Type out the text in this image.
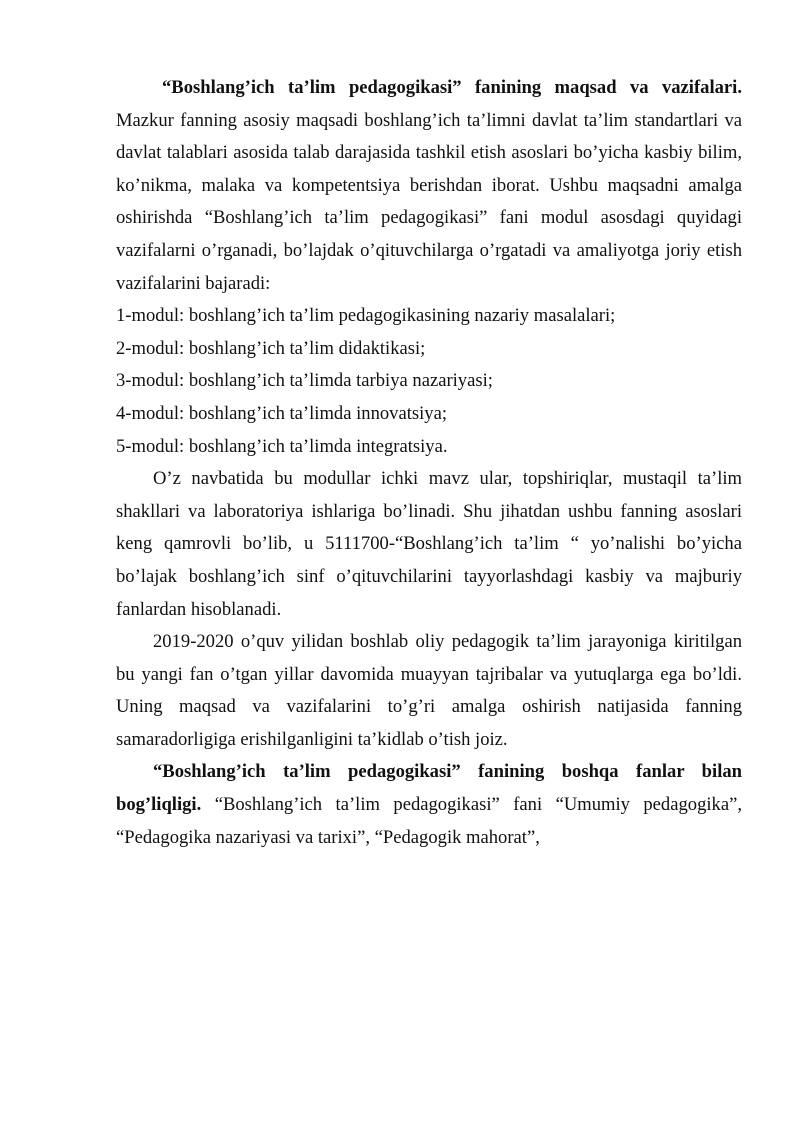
“Boshlang’ich ta’lim pedagogikasi” fanining maqsad va vazifalari. Mazkur fanning asosiy maqsadi boshlang’ich ta’limni davlat ta’lim standartlari va davlat talablari asosida talab darajasida tashkil etish asoslari bo’yicha kasbiy bilim, ko’nikma, malaka va kompetentsiya berishdan iborat. Ushbu maqsadni amalga oshirishda “Boshlang’ich ta’lim pedagogikasi” fani modul asosdagi quyidagi vazifalarni o’rganadi, bo’lajdak o’qituvchilarga o’rgatadi va amaliyotga joriy etish vazifalarini bajaradi:

1-modul: boshlang’ich ta’lim pedagogikasining nazariy masalalari;

2-modul: boshlang’ich ta’lim didaktikasi;

3-modul: boshlang’ich ta’limda tarbiya nazariyasi;

4-modul: boshlang’ich ta’limda innovatsiya;

5-modul: boshlang’ich ta’limda integratsiya.

O’z navbatida bu modullar ichki mavz ular, topshiriqlar, mustaqil ta’lim shakllari va laboratoriya ishlariga bo’linadi. Shu jihatdan ushbu fanning asoslari keng qamrovli bo’lib, u 5111700-“Boshlang’ich ta’lim “ yo’nalishi bo’yicha bo’lajak boshlang’ich sinf o’qituvchilarini tayyorlashdagi kasbiy va majburiy fanlardan hisoblanadi.

2019-2020 o’quv yilidan boshlab oliy pedagogik ta’lim jarayoniga kiritilgan bu yangi fan o’tgan yillar davomida muayyan tajribalar va yutuqlarga ega bo’ldi. Uning maqsad va vazifalarini to’g’ri amalga oshirish natijasida fanning samaradorligiga erishilganligini ta’kidlab o’tish joiz.

“Boshlang’ich ta’lim pedagogikasi” fanining boshqa fanlar bilan bog’liqligi. “Boshlang’ich ta’lim pedagogikasi” fani “Umumiy pedagogika”, “Pedagogika nazariyasi va tarixi”, “Pedagogik mahorat”,
